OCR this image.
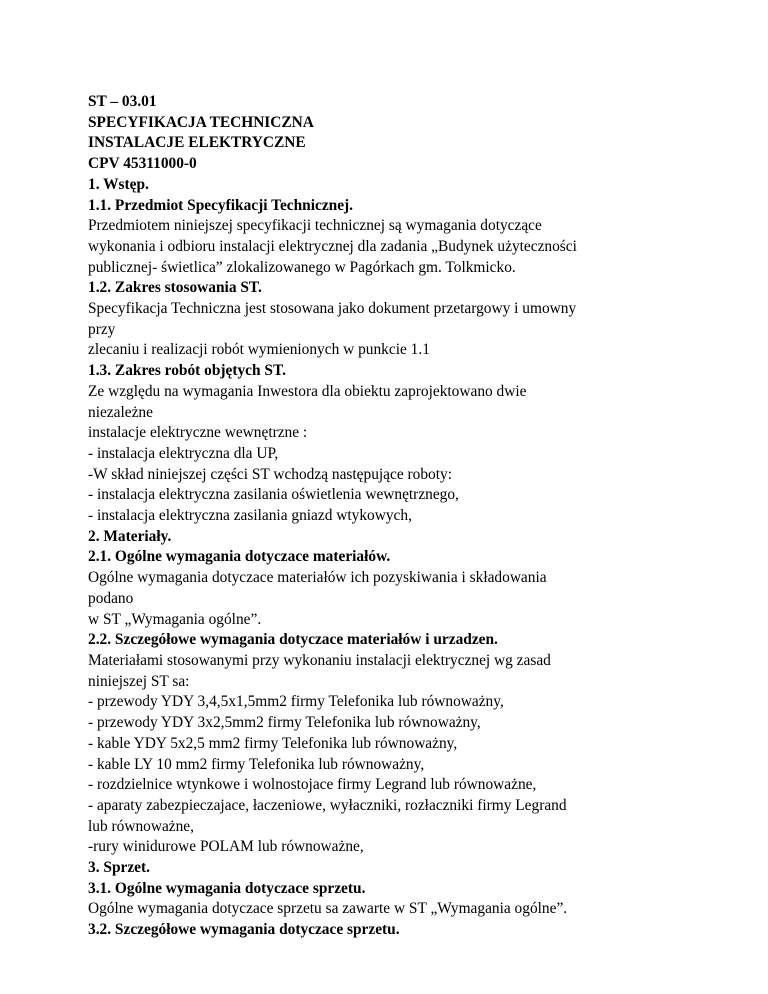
ST – 03.01
SPECYFIKACJA TECHNICZNA
INSTALACJE ELEKTRYCZNE
CPV 45311000-0
1. Wstęp.
1.1. Przedmiot Specyfikacji Technicznej.
Przedmiotem niniejszej specyfikacji technicznej są wymagania dotyczące
wykonania i odbioru instalacji elektrycznej dla zadania „Budynek użyteczności
publicznej- świetlica” zlokalizowanego w Pagórkach gm. Tolkmicko.
1.2. Zakres stosowania ST.
Specyfikacja Techniczna jest stosowana jako dokument przetargowy i umowny
przy
zlecaniu i realizacji robót wymienionych w punkcie 1.1
1.3. Zakres robót objętych ST.
Ze względu na wymagania Inwestora dla obiektu zaprojektowano dwie
niezależne
instalacje elektryczne wewnętrzne :
- instalacja elektryczna dla UP,
-W skład niniejszej części ST wchodzą następujące roboty:
- instalacja elektryczna zasilania oświetlenia wewnętrznego,
- instalacja elektryczna zasilania gniazd wtykowych,
2. Materiały.
2.1. Ogólne wymagania dotyczace materiałów.
Ogólne wymagania dotyczace materiałów ich pozyskiwania i składowania
podano
w ST „Wymagania ogólne”.
2.2. Szczegółowe wymagania dotyczace materiałów i urzadzen.
Materiałami stosowanymi przy wykonaniu instalacji elektrycznej wg zasad
niniejszej ST sa:
- przewody YDY 3,4,5x1,5mm2 firmy Telefonika lub równoważny,
- przewody YDY 3x2,5mm2 firmy Telefonika lub równoważny,
- kable YDY 5x2,5 mm2 firmy Telefonika lub równoważny,
- kable LY 10 mm2 firmy Telefonika lub równoważny,
- rozdzielnice wtynkowe i wolnostojace firmy Legrand lub równoważne,
- aparaty zabezpieczajace, łaczeniowe, wyłaczniki, rozłaczniki firmy Legrand
lub równoważne,
-rury winidurowe POLAM lub równoważne,
3. Sprzet.
3.1. Ogólne wymagania dotyczace sprzetu.
Ogólne wymagania dotyczace sprzetu sa zawarte w ST „Wymagania ogólne”.
3.2. Szczegółowe wymagania dotyczace sprzetu.
